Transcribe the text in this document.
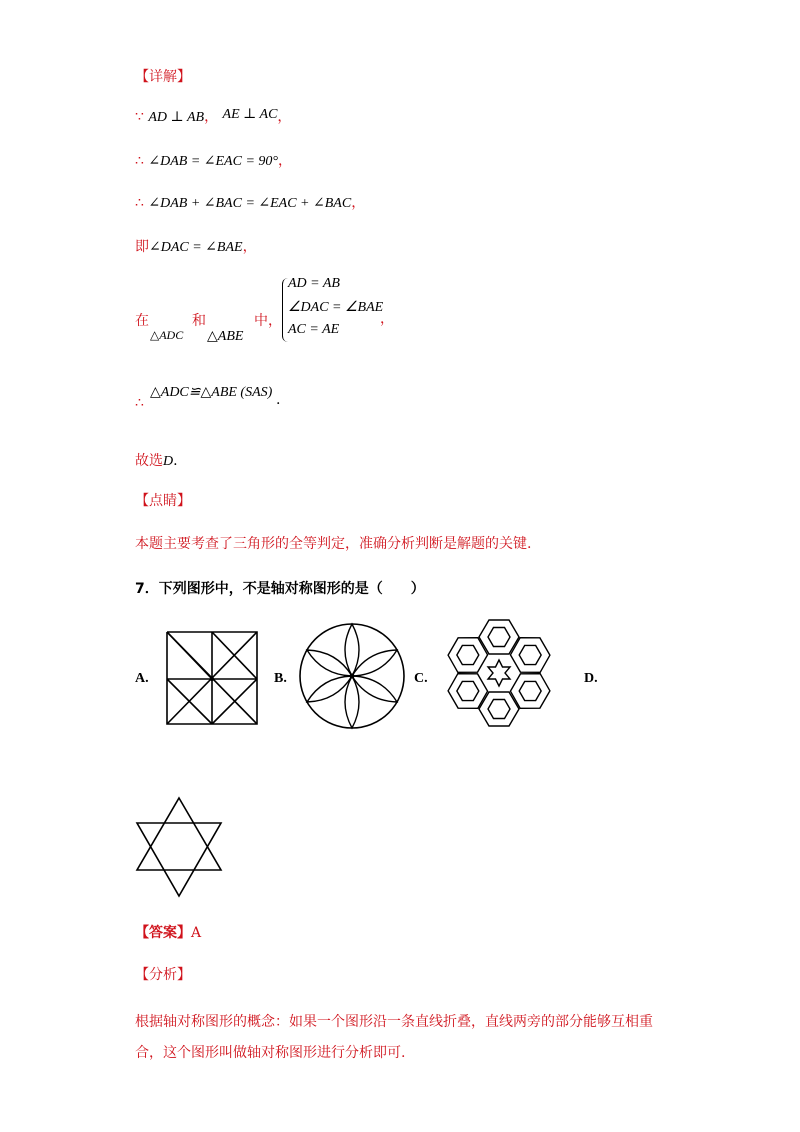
【详解】
∵ AD ⊥ AB， AE ⊥ AC，
∴ ∠DAB = ∠EAC = 90°，
∴ ∠DAB + ∠BAC = ∠EAC + ∠BAC，
即∠DAC = ∠BAE，
在
△ADC
和
△ABE
中，
AD = AB
∠DAC = ∠BAE
AC = AE
，
∴
△ADC≌△ABE (SAS) .
故选D.
【点睛】
本题主要考查了三角形的全等判定，准确分析判断是解题的关键.
7．下列图形中，不是轴对称图形的是（　　）
A.	B.	C.	D.
【答案】A
【分析】
根据轴对称图形的概念：如果一个图形沿一条直线折叠，直线两旁的部分能够互相重
合，这个图形叫做轴对称图形进行分析即可.
